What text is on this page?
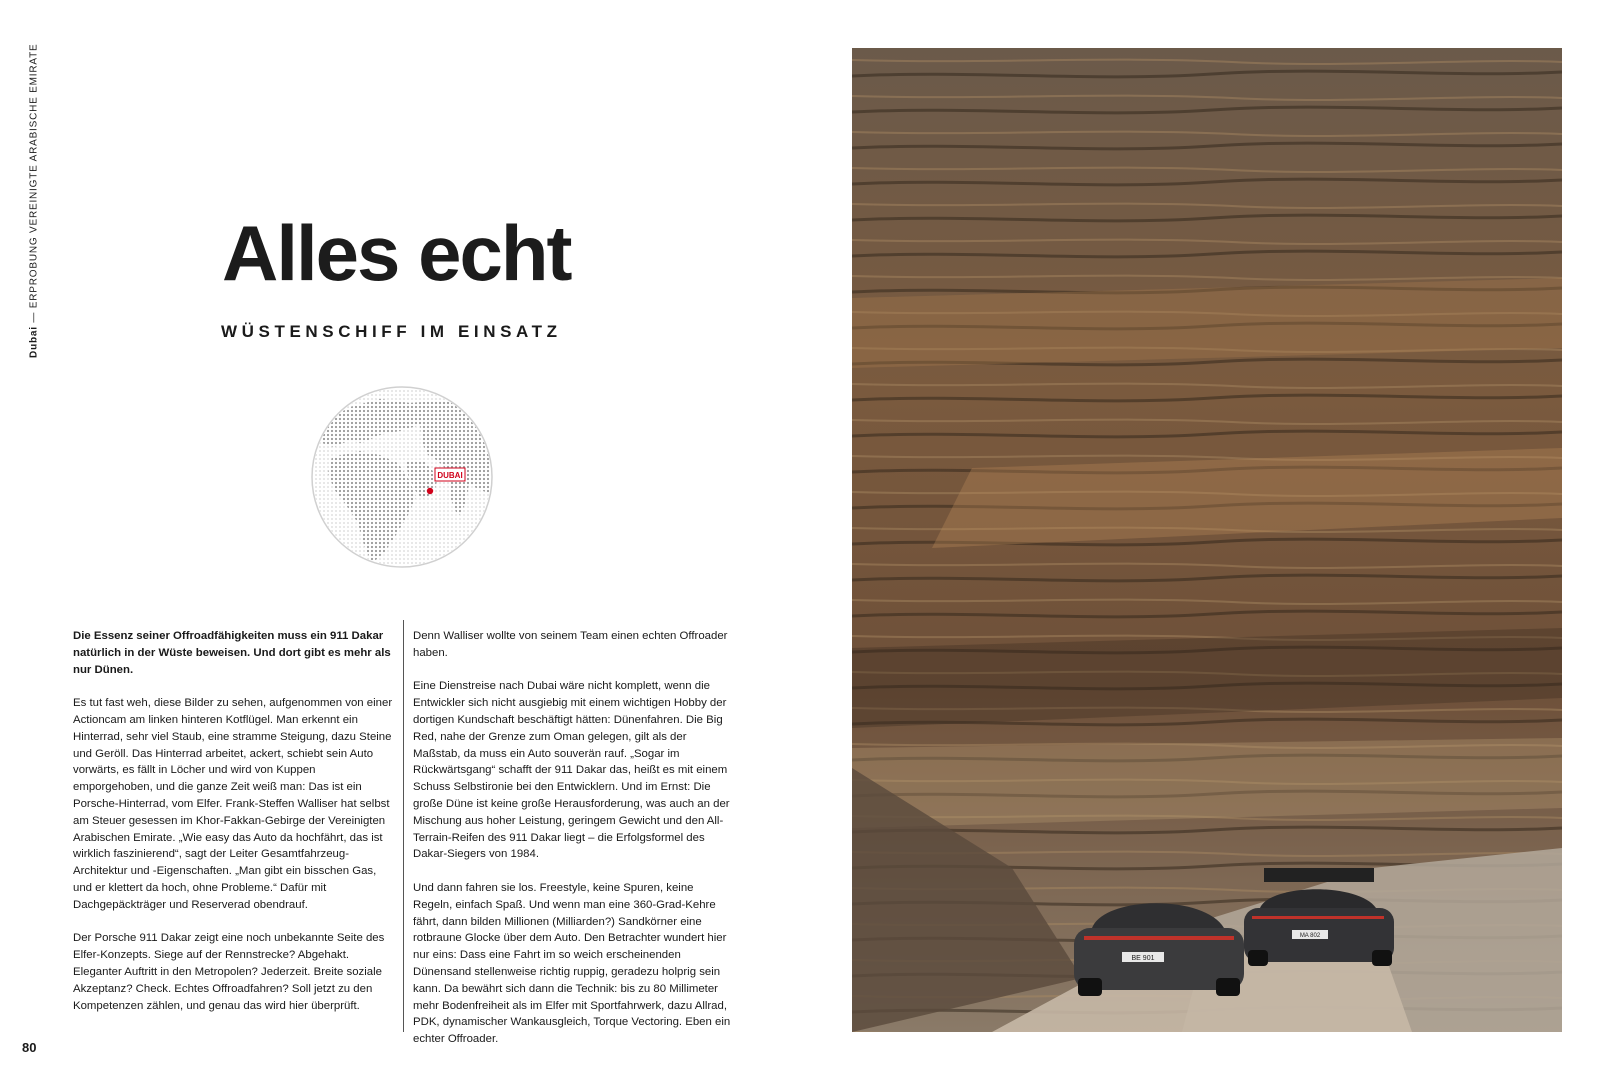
Dubai — ERPROBUNG VEREINIGTE ARABISCHE EMIRATE
80
Alles echt
WÜSTENSCHIFF IM EINSATZ
DUBAI

Die Essenz seiner Offroadfähigkeiten muss ein 911 Dakar natürlich in der Wüste beweisen. Und dort gibt es mehr als nur Dünen.

Es tut fast weh, diese Bilder zu sehen, aufgenommen von einer Actioncam am linken hinteren Kotflügel. Man erkennt ein Hinterrad, sehr viel Staub, eine stramme Steigung, dazu Steine und Geröll. Das Hinterrad arbeitet, ackert, schiebt sein Auto vorwärts, es fällt in Löcher und wird von Kuppen emporgehoben, und die ganze Zeit weiß man: Das ist ein Porsche-Hinterrad, vom Elfer. Frank-Steffen Walliser hat selbst am Steuer gesessen im Khor-Fakkan-Gebirge der Vereinigten Arabischen Emirate. „Wie easy das Auto da hochfährt, das ist wirklich faszinierend“, sagt der Leiter Gesamtfahrzeug-Architektur und -Eigenschaften. „Man gibt ein bisschen Gas, und er klettert da hoch, ohne Probleme.“ Dafür mit Dachgepäckträger und Reserverad obendrauf.

Der Porsche 911 Dakar zeigt eine noch unbekannte Seite des Elfer-Konzepts. Siege auf der Rennstrecke? Abgehakt. Eleganter Auftritt in den Metropolen? Jederzeit. Breite soziale Akzeptanz? Check. Echtes Offroadfahren? Soll jetzt zu den Kompetenzen zählen, und genau das wird hier überprüft.

Denn Walliser wollte von seinem Team einen echten Offroader haben.

Eine Dienstreise nach Dubai wäre nicht komplett, wenn die Entwickler sich nicht ausgiebig mit einem wichtigen Hobby der dortigen Kundschaft beschäftigt hätten: Dünenfahren. Die Big Red, nahe der Grenze zum Oman gelegen, gilt als der Maßstab, da muss ein Auto souverän rauf. „Sogar im Rückwärtsgang“ schafft der 911 Dakar das, heißt es mit einem Schuss Selbstironie bei den Entwicklern. Und im Ernst: Die große Düne ist keine große Herausforderung, was auch an der Mischung aus hoher Leistung, geringem Gewicht und den All-Terrain-Reifen des 911 Dakar liegt – die Erfolgsformel des Dakar-Siegers von 1984.

Und dann fahren sie los. Freestyle, keine Spuren, keine Regeln, einfach Spaß. Und wenn man eine 360-Grad-Kehre fährt, dann bilden Millionen (Milliarden?) Sandkörner eine rotbraune Glocke über dem Auto. Den Betrachter wundert hier nur eins: Dass eine Fahrt im so weich erscheinenden Dünensand stellenweise richtig ruppig, geradezu holprig sein kann. Da bewährt sich dann die Technik: bis zu 80 Millimeter mehr Bodenfreiheit als im Elfer mit Sportfahrwerk, dazu Allrad, PDK, dynamischer Wankausgleich, Torque Vectoring. Eben ein echter Offroader.

BE 901
MA 802
